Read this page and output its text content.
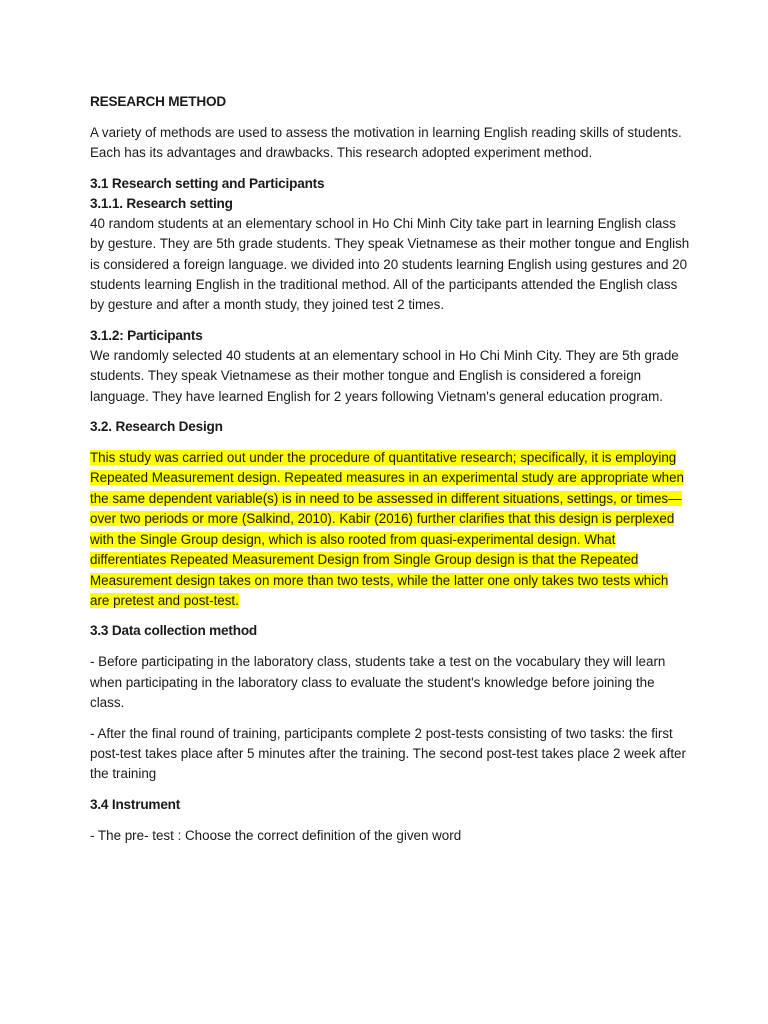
RESEARCH METHOD

A variety of methods are used to assess the motivation in learning English reading skills of students. Each has its advantages and drawbacks. This research adopted experiment method.

3.1 Research setting and Participants

3.1.1. Research setting

40 random students at an elementary school in Ho Chi Minh City take part in learning English class by gesture. They are 5th grade students. They speak Vietnamese as their mother tongue and English is considered a foreign language. we divided into 20 students learning English using gestures and 20 students learning English in the traditional method. All of the participants attended the English class by gesture and after a month study, they joined test 2 times.

3.1.2: Participants

We randomly selected 40 students at an elementary school in Ho Chi Minh City. They are 5th grade students. They speak Vietnamese as their mother tongue and English is considered a foreign language. They have learned English for 2 years following Vietnam's general education program.

3.2. Research Design

This study was carried out under the procedure of quantitative research; specifically, it is employing Repeated Measurement design. Repeated measures in an experimental study are appropriate when the same dependent variable(s) is in need to be assessed in different situations, settings, or times—over two periods or more (Salkind, 2010). Kabir (2016) further clarifies that this design is perplexed with the Single Group design, which is also rooted from quasi-experimental design. What differentiates Repeated Measurement Design from Single Group design is that the Repeated Measurement design takes on more than two tests, while the latter one only takes two tests which are pretest and post-test.

3.3 Data collection method

- Before participating in the laboratory class, students take a test on the vocabulary they will learn when participating in the laboratory class to evaluate the student's knowledge before joining the class.

- After the final round of training, participants complete 2 post-tests consisting of two tasks: the first post-test takes place after 5 minutes after the training. The second post-test takes place 2 week after the training

3.4 Instrument

- The pre- test : Choose the correct definition of the given word
